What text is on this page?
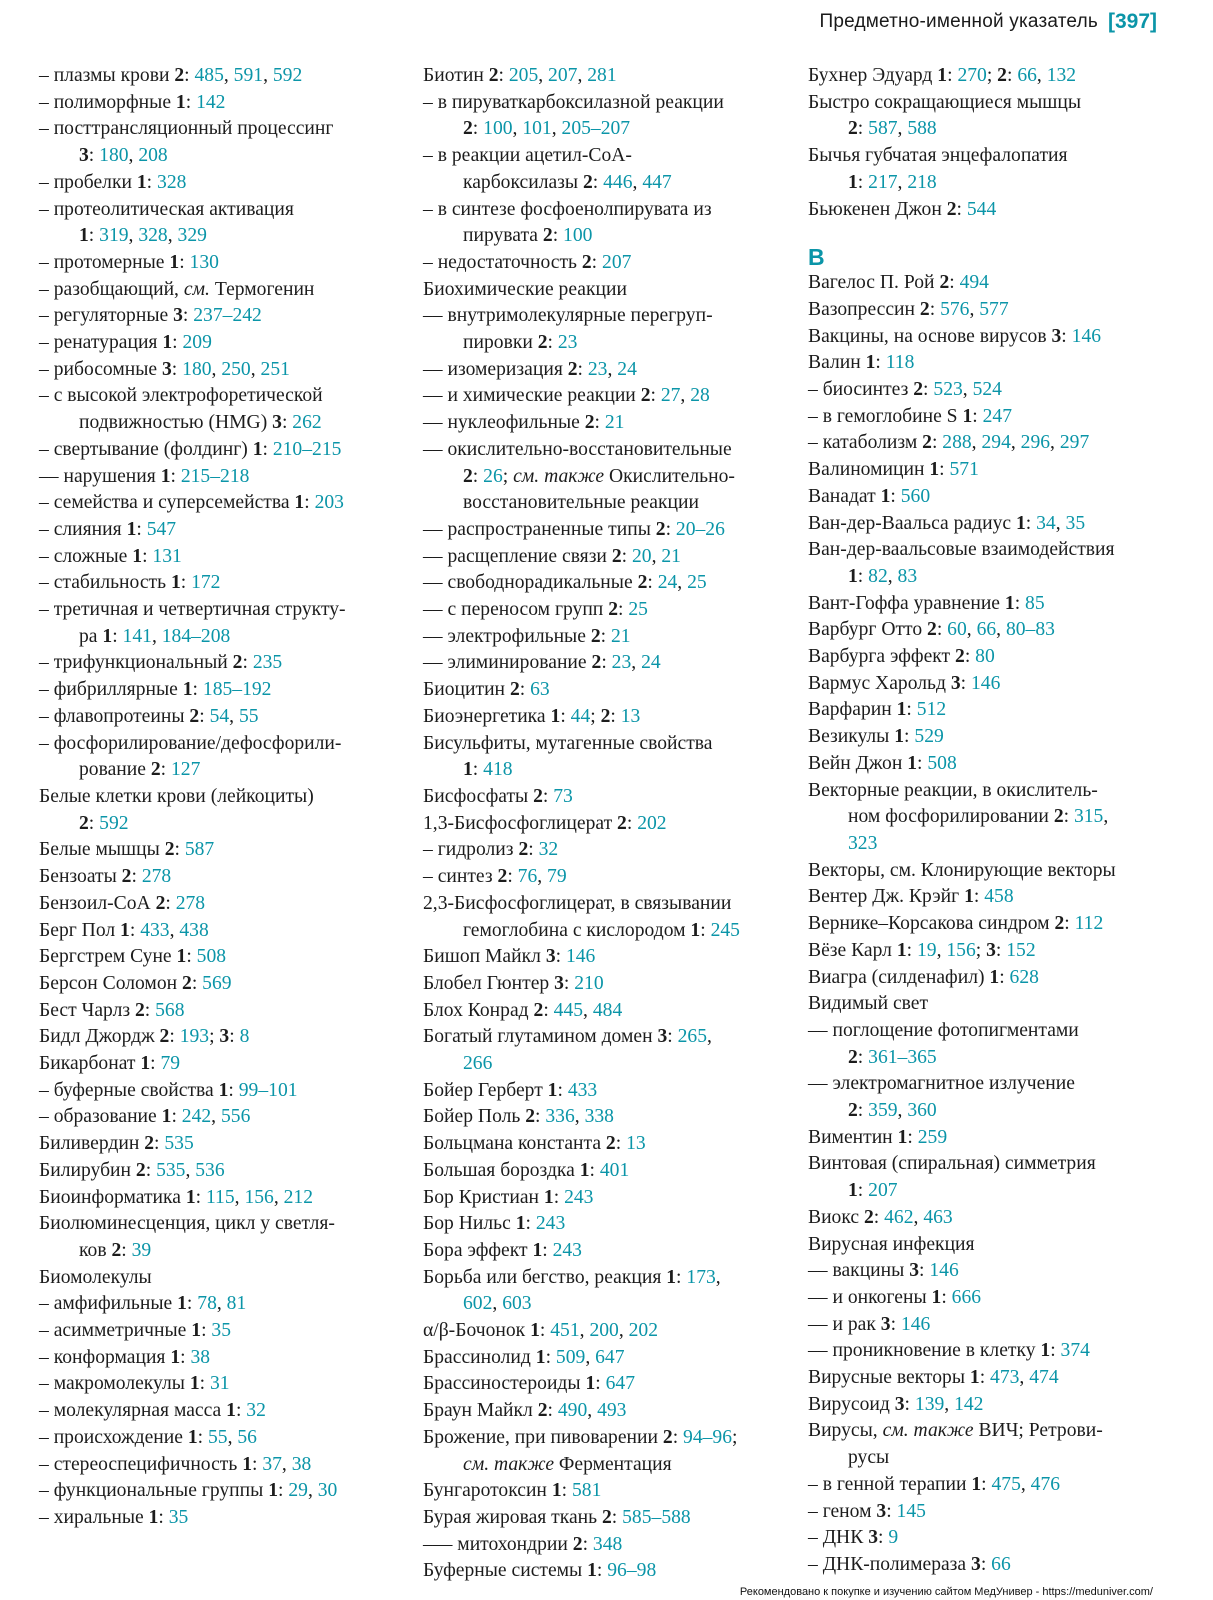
Предметно-именной указатель [397]
– плазмы крови 2: 485, 591, 592
– полиморфные 1: 142
– посттрансляционный процессинг
3: 180, 208
– пробелки 1: 328
– протеолитическая активация
1: 319, 328, 329
– протомерные 1: 130
– разобщающий, см. Термогенин
– регуляторные 3: 237–242
– ренатурация 1: 209
– рибосомные 3: 180, 250, 251
– с высокой электрофоретической
подвижностью (HMG) 3: 262
– свертывание (фолдинг) 1: 210–215
–– нарушения 1: 215–218
– семейства и суперсемейства 1: 203
– слияния 1: 547
– сложные 1: 131
– стабильность 1: 172
– третичная и четвертичная структу-
ра 1: 141, 184–208
– трифункциональный 2: 235
– фибриллярные 1: 185–192
– флавопротеины 2: 54, 55
– фосфорилирование/дефосфорили-
рование 2: 127
Белые клетки крови (лейкоциты)
2: 592
Белые мышцы 2: 587
Бензоаты 2: 278
Бензоил-СоА 2: 278
Берг Пол 1: 433, 438
Бергстрем Суне 1: 508
Берсон Соломон 2: 569
Бест Чарлз 2: 568
Бидл Джордж 2: 193; 3: 8
Бикарбонат 1: 79
– буферные свойства 1: 99–101
– образование 1: 242, 556
Биливердин 2: 535
Билирубин 2: 535, 536
Биоинформатика 1: 115, 156, 212
Биолюминесценция, цикл у светля-
ков 2: 39
Биомолекулы
– амфифильные 1: 78, 81
– асимметричные 1: 35
– конформация 1: 38
– макромолекулы 1: 31
– молекулярная масса 1: 32
– происхождение 1: 55, 56
– стереоспецифичность 1: 37, 38
– функциональные группы 1: 29, 30
– хиральные 1: 35
Биотин 2: 205, 207, 281
– в пируваткарбоксилазной реакции
2: 100, 101, 205–207
– в реакции ацетил-СоА-
карбоксилазы 2: 446, 447
– в синтезе фосфоенолпирувата из
пирувата 2: 100
– недостаточность 2: 207
Биохимические реакции
–– внутримолекулярные перегруп-
пировки 2: 23
–– изомеризация 2: 23, 24
–– и химические реакции 2: 27, 28
–– нуклеофильные 2: 21
–– окислительно-восстановительные
2: 26; см. также Окислительно-
восстановительные реакции
–– распространенные типы 2: 20–26
–– расщепление связи 2: 20, 21
–– свободнорадикальные 2: 24, 25
–– с переносом групп 2: 25
–– электрофильные 2: 21
–– элиминирование 2: 23, 24
Биоцитин 2: 63
Биоэнергетика 1: 44; 2: 13
Бисульфиты, мутагенные свойства
1: 418
Бисфосфаты 2: 73
1,3-Бисфосфоглицерат 2: 202
– гидролиз 2: 32
– синтез 2: 76, 79
2,3-Бисфосфоглицерат, в связывании
гемоглобина с кислородом 1: 245
Бишоп Майкл 3: 146
Блобел Гюнтер 3: 210
Блох Конрад 2: 445, 484
Богатый глутамином домен 3: 265,
266
Бойер Герберт 1: 433
Бойер Поль 2: 336, 338
Больцмана константа 2: 13
Большая бороздка 1: 401
Бор Кристиан 1: 243
Бор Нильс 1: 243
Бора эффект 1: 243
Борьба или бегство, реакция 1: 173,
602, 603
α/β-Бочонок 1: 451, 200, 202
Брассинолид 1: 509, 647
Брассиностероиды 1: 647
Браун Майкл 2: 490, 493
Брожение, при пивоварении 2: 94–96;
см. также Ферментация
Бунгаротоксин 1: 581
Бурая жировая ткань 2: 585–588
––– митохондрии 2: 348
Буферные системы 1: 96–98
Бухнер Эдуард 1: 270; 2: 66, 132
Быстро сокращающиеся мышцы
2: 587, 588
Бычья губчатая энцефалопатия
1: 217, 218
Бьюкенен Джон 2: 544
В
Вагелос П. Рой 2: 494
Вазопрессин 2: 576, 577
Вакцины, на основе вирусов 3: 146
Валин 1: 118
– биосинтез 2: 523, 524
– в гемоглобине S 1: 247
– катаболизм 2: 288, 294, 296, 297
Валиномицин 1: 571
Ванадат 1: 560
Ван-дер-Ваальса радиус 1: 34, 35
Ван-дер-ваальсовые взаимодействия
1: 82, 83
Вант-Гоффа уравнение 1: 85
Варбург Отто 2: 60, 66, 80–83
Варбурга эффект 2: 80
Вармус Харольд 3: 146
Варфарин 1: 512
Везикулы 1: 529
Вейн Джон 1: 508
Векторные реакции, в окислитель-
ном фосфорилировании 2: 315,
323
Векторы, см. Клонирующие векторы
Вентер Дж. Крэйг 1: 458
Вернике–Корсакова синдром 2: 112
Вёзе Карл 1: 19, 156; 3: 152
Виагра (силденафил) 1: 628
Видимый свет
–– поглощение фотопигментами
2: 361–365
–– электромагнитное излучение
2: 359, 360
Виментин 1: 259
Винтовая (спиральная) симметрия
1: 207
Виокс 2: 462, 463
Вирусная инфекция
–– вакцины 3: 146
–– и онкогены 1: 666
–– и рак 3: 146
–– проникновение в клетку 1: 374
Вирусные векторы 1: 473, 474
Вирусоид 3: 139, 142
Вирусы, см. также ВИЧ; Ретрови-
русы
– в генной терапии 1: 475, 476
– геном 3: 145
– ДНК 3: 9
– ДНК-полимераза 3: 66
Рекомендовано к покупке и изучению сайтом МедУнивер - https://meduniver.com/
